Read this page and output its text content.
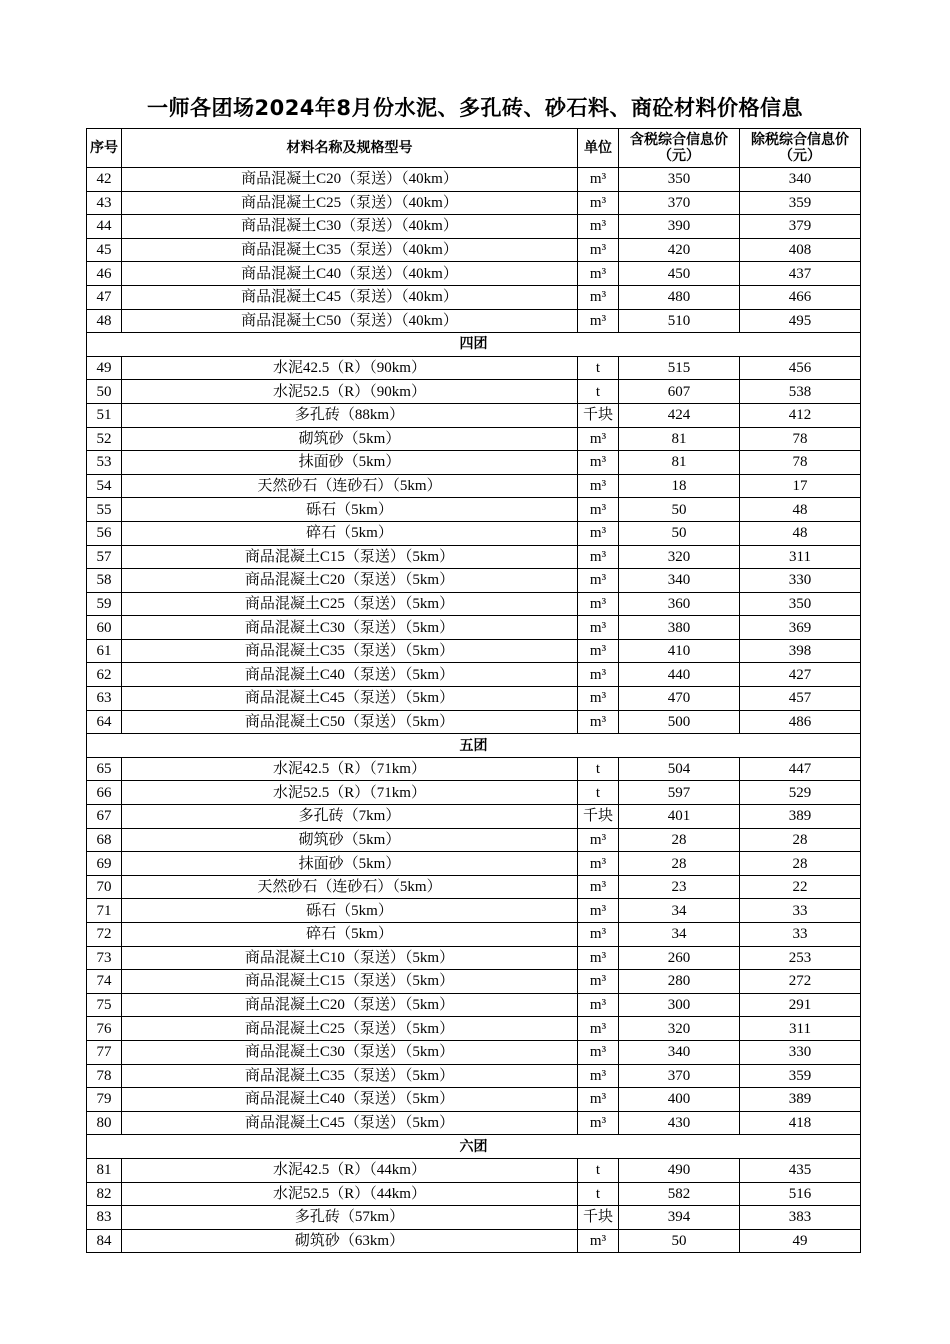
一师各团场2024年8月份水泥、多孔砖、砂石料、商砼材料价格信息
序号	材料名称及规格型号	单位	含税综合信息价（元）	除税综合信息价（元）
42	商品混凝土C20（泵送）（40km）	m³	350	340
43	商品混凝土C25（泵送）（40km）	m³	370	359
44	商品混凝土C30（泵送）（40km）	m³	390	379
45	商品混凝土C35（泵送）（40km）	m³	420	408
46	商品混凝土C40（泵送）（40km）	m³	450	437
47	商品混凝土C45（泵送）（40km）	m³	480	466
48	商品混凝土C50（泵送）（40km）	m³	510	495
四团				
49	水泥42.5（R）（90km）	t	515	456
50	水泥52.5（R）（90km）	t	607	538
51	多孔砖（88km）	千块	424	412
52	砌筑砂（5km）	m³	81	78
53	抹面砂（5km）	m³	81	78
54	天然砂石（连砂石）（5km）	m³	18	17
55	砾石（5km）	m³	50	48
56	碎石（5km）	m³	50	48
57	商品混凝土C15（泵送）（5km）	m³	320	311
58	商品混凝土C20（泵送）（5km）	m³	340	330
59	商品混凝土C25（泵送）（5km）	m³	360	350
60	商品混凝土C30（泵送）（5km）	m³	380	369
61	商品混凝土C35（泵送）（5km）	m³	410	398
62	商品混凝土C40（泵送）（5km）	m³	440	427
63	商品混凝土C45（泵送）（5km）	m³	470	457
64	商品混凝土C50（泵送）（5km）	m³	500	486
五团				
65	水泥42.5（R）（71km）	t	504	447
66	水泥52.5（R）（71km）	t	597	529
67	多孔砖（7km）	千块	401	389
68	砌筑砂（5km）	m³	28	28
69	抹面砂（5km）	m³	28	28
70	天然砂石（连砂石）（5km）	m³	23	22
71	砾石（5km）	m³	34	33
72	碎石（5km）	m³	34	33
73	商品混凝土C10（泵送）（5km）	m³	260	253
74	商品混凝土C15（泵送）（5km）	m³	280	272
75	商品混凝土C20（泵送）（5km）	m³	300	291
76	商品混凝土C25（泵送）（5km）	m³	320	311
77	商品混凝土C30（泵送）（5km）	m³	340	330
78	商品混凝土C35（泵送）（5km）	m³	370	359
79	商品混凝土C40（泵送）（5km）	m³	400	389
80	商品混凝土C45（泵送）（5km）	m³	430	418
六团				
81	水泥42.5（R）（44km）	t	490	435
82	水泥52.5（R）（44km）	t	582	516
83	多孔砖（57km）	千块	394	383
84	砌筑砂（63km）	m³	50	49
